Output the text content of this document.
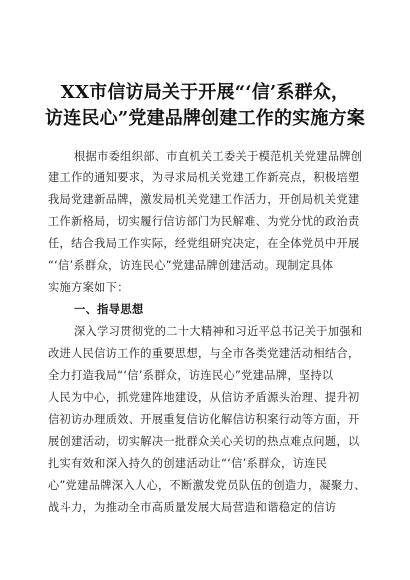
XX市信访局关于开展“‘信’系群众，
访连民心”党建品牌创建工作的实施方案
根据市委组织部、市直机关工委关于模范机关党建品牌创
建工作的通知要求，为寻求局机关党建工作新亮点，积极培塑
我局党建新品牌，激发局机关党建工作活力，开创局机关党建
工作新格局，切实履行信访部门为民解难、为党分忧的政治责
任，结合我局工作实际，经党组研究决定，在全体党员中开展
“‘信’系群众，访连民心”党建品牌创建活动。现制定具体
实施方案如下：
一、指导思想
深入学习贯彻党的二十大精神和习近平总书记关于加强和
改进人民信访工作的重要思想，与全市各类党建活动相结合，
全力打造我局“‘信’系群众，访连民心”党建品牌，坚持以
人民为中心，抓党建阵地建设，从信访矛盾源头治理、提升初
信初访办理质效、开展重复信访化解信访积案行动等方面，开
展创建活动，切实解决一批群众关心关切的热点难点问题，以
扎实有效和深入持久的创建活动让“‘信’系群众，访连民
心”党建品牌深入人心，不断激发党员队伍的创造力，凝聚力、
战斗力，为推动全市高质量发展大局营造和谐稳定的信访
